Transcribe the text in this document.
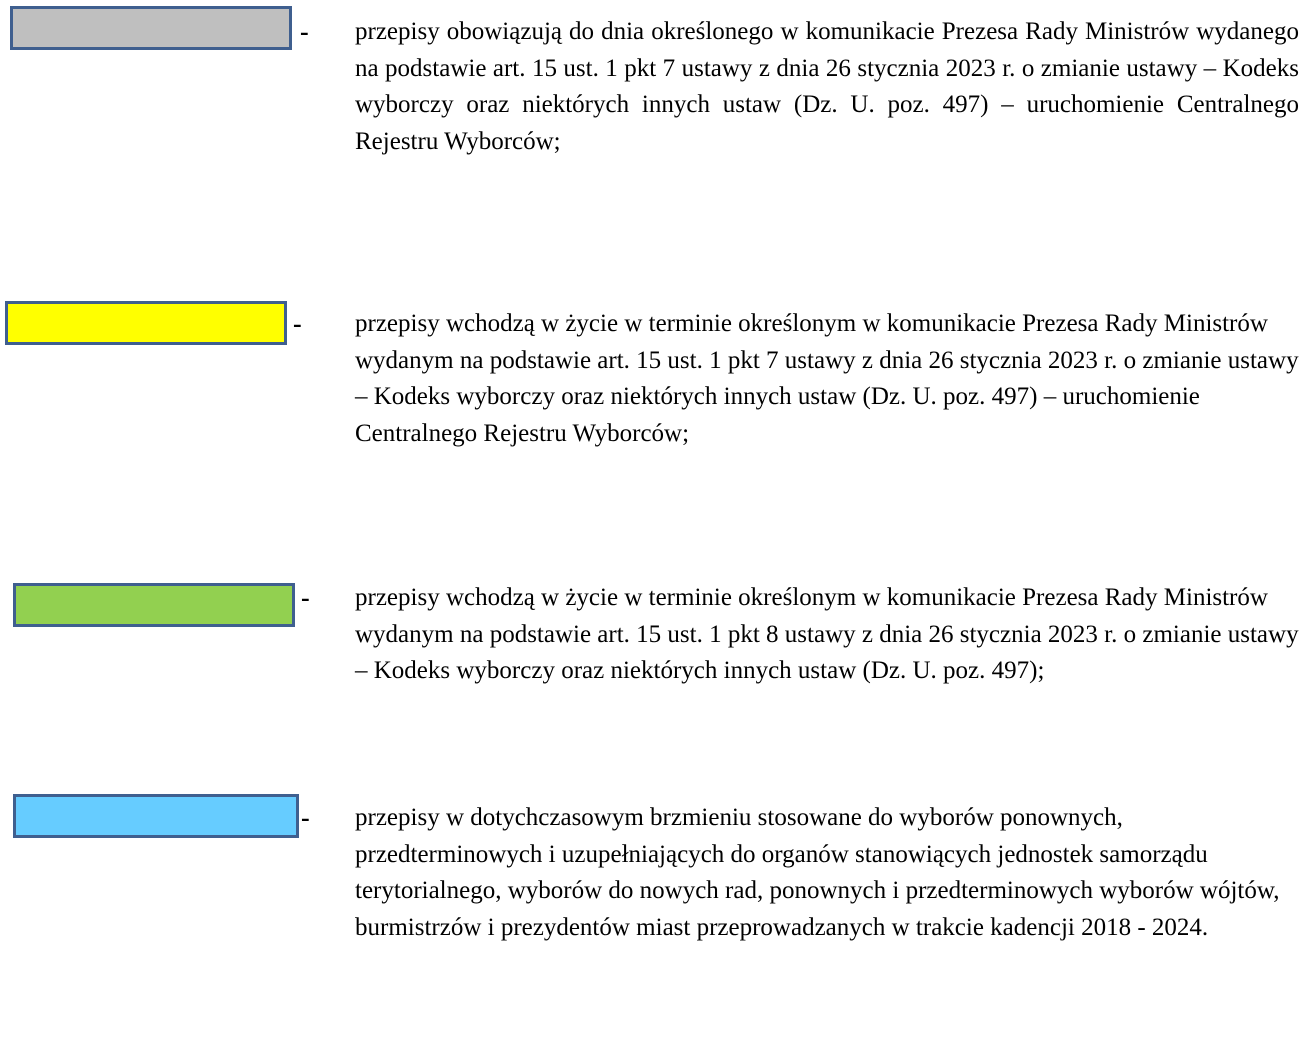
- przepisy obowiązują do dnia określonego w komunikacie Prezesa Rady Ministrów wydanego na podstawie art. 15 ust. 1 pkt 7 ustawy z dnia 26 stycznia 2023 r. o zmianie ustawy – Kodeks wyborczy oraz niektórych innych ustaw (Dz. U. poz. 497) – uruchomienie Centralnego Rejestru Wyborców;

- przepisy wchodzą w życie w terminie określonym w komunikacie Prezesa Rady Ministrów wydanym na podstawie art. 15 ust. 1 pkt 7 ustawy z dnia 26 stycznia 2023 r. o zmianie ustawy – Kodeks wyborczy oraz niektórych innych ustaw (Dz. U. poz. 497) – uruchomienie Centralnego Rejestru Wyborców;

- przepisy wchodzą w życie w terminie określonym w komunikacie Prezesa Rady Ministrów wydanym na podstawie art. 15 ust. 1 pkt 8 ustawy z dnia 26 stycznia 2023 r. o zmianie ustawy – Kodeks wyborczy oraz niektórych innych ustaw (Dz. U. poz. 497);

- przepisy w dotychczasowym brzmieniu stosowane do wyborów ponownych, przedterminowych i uzupełniających do organów stanowiących jednostek samorządu terytorialnego, wyborów do nowych rad, ponownych i przedterminowych wyborów wójtów, burmistrzów i prezydentów miast przeprowadzanych w trakcie kadencji 2018 - 2024.
